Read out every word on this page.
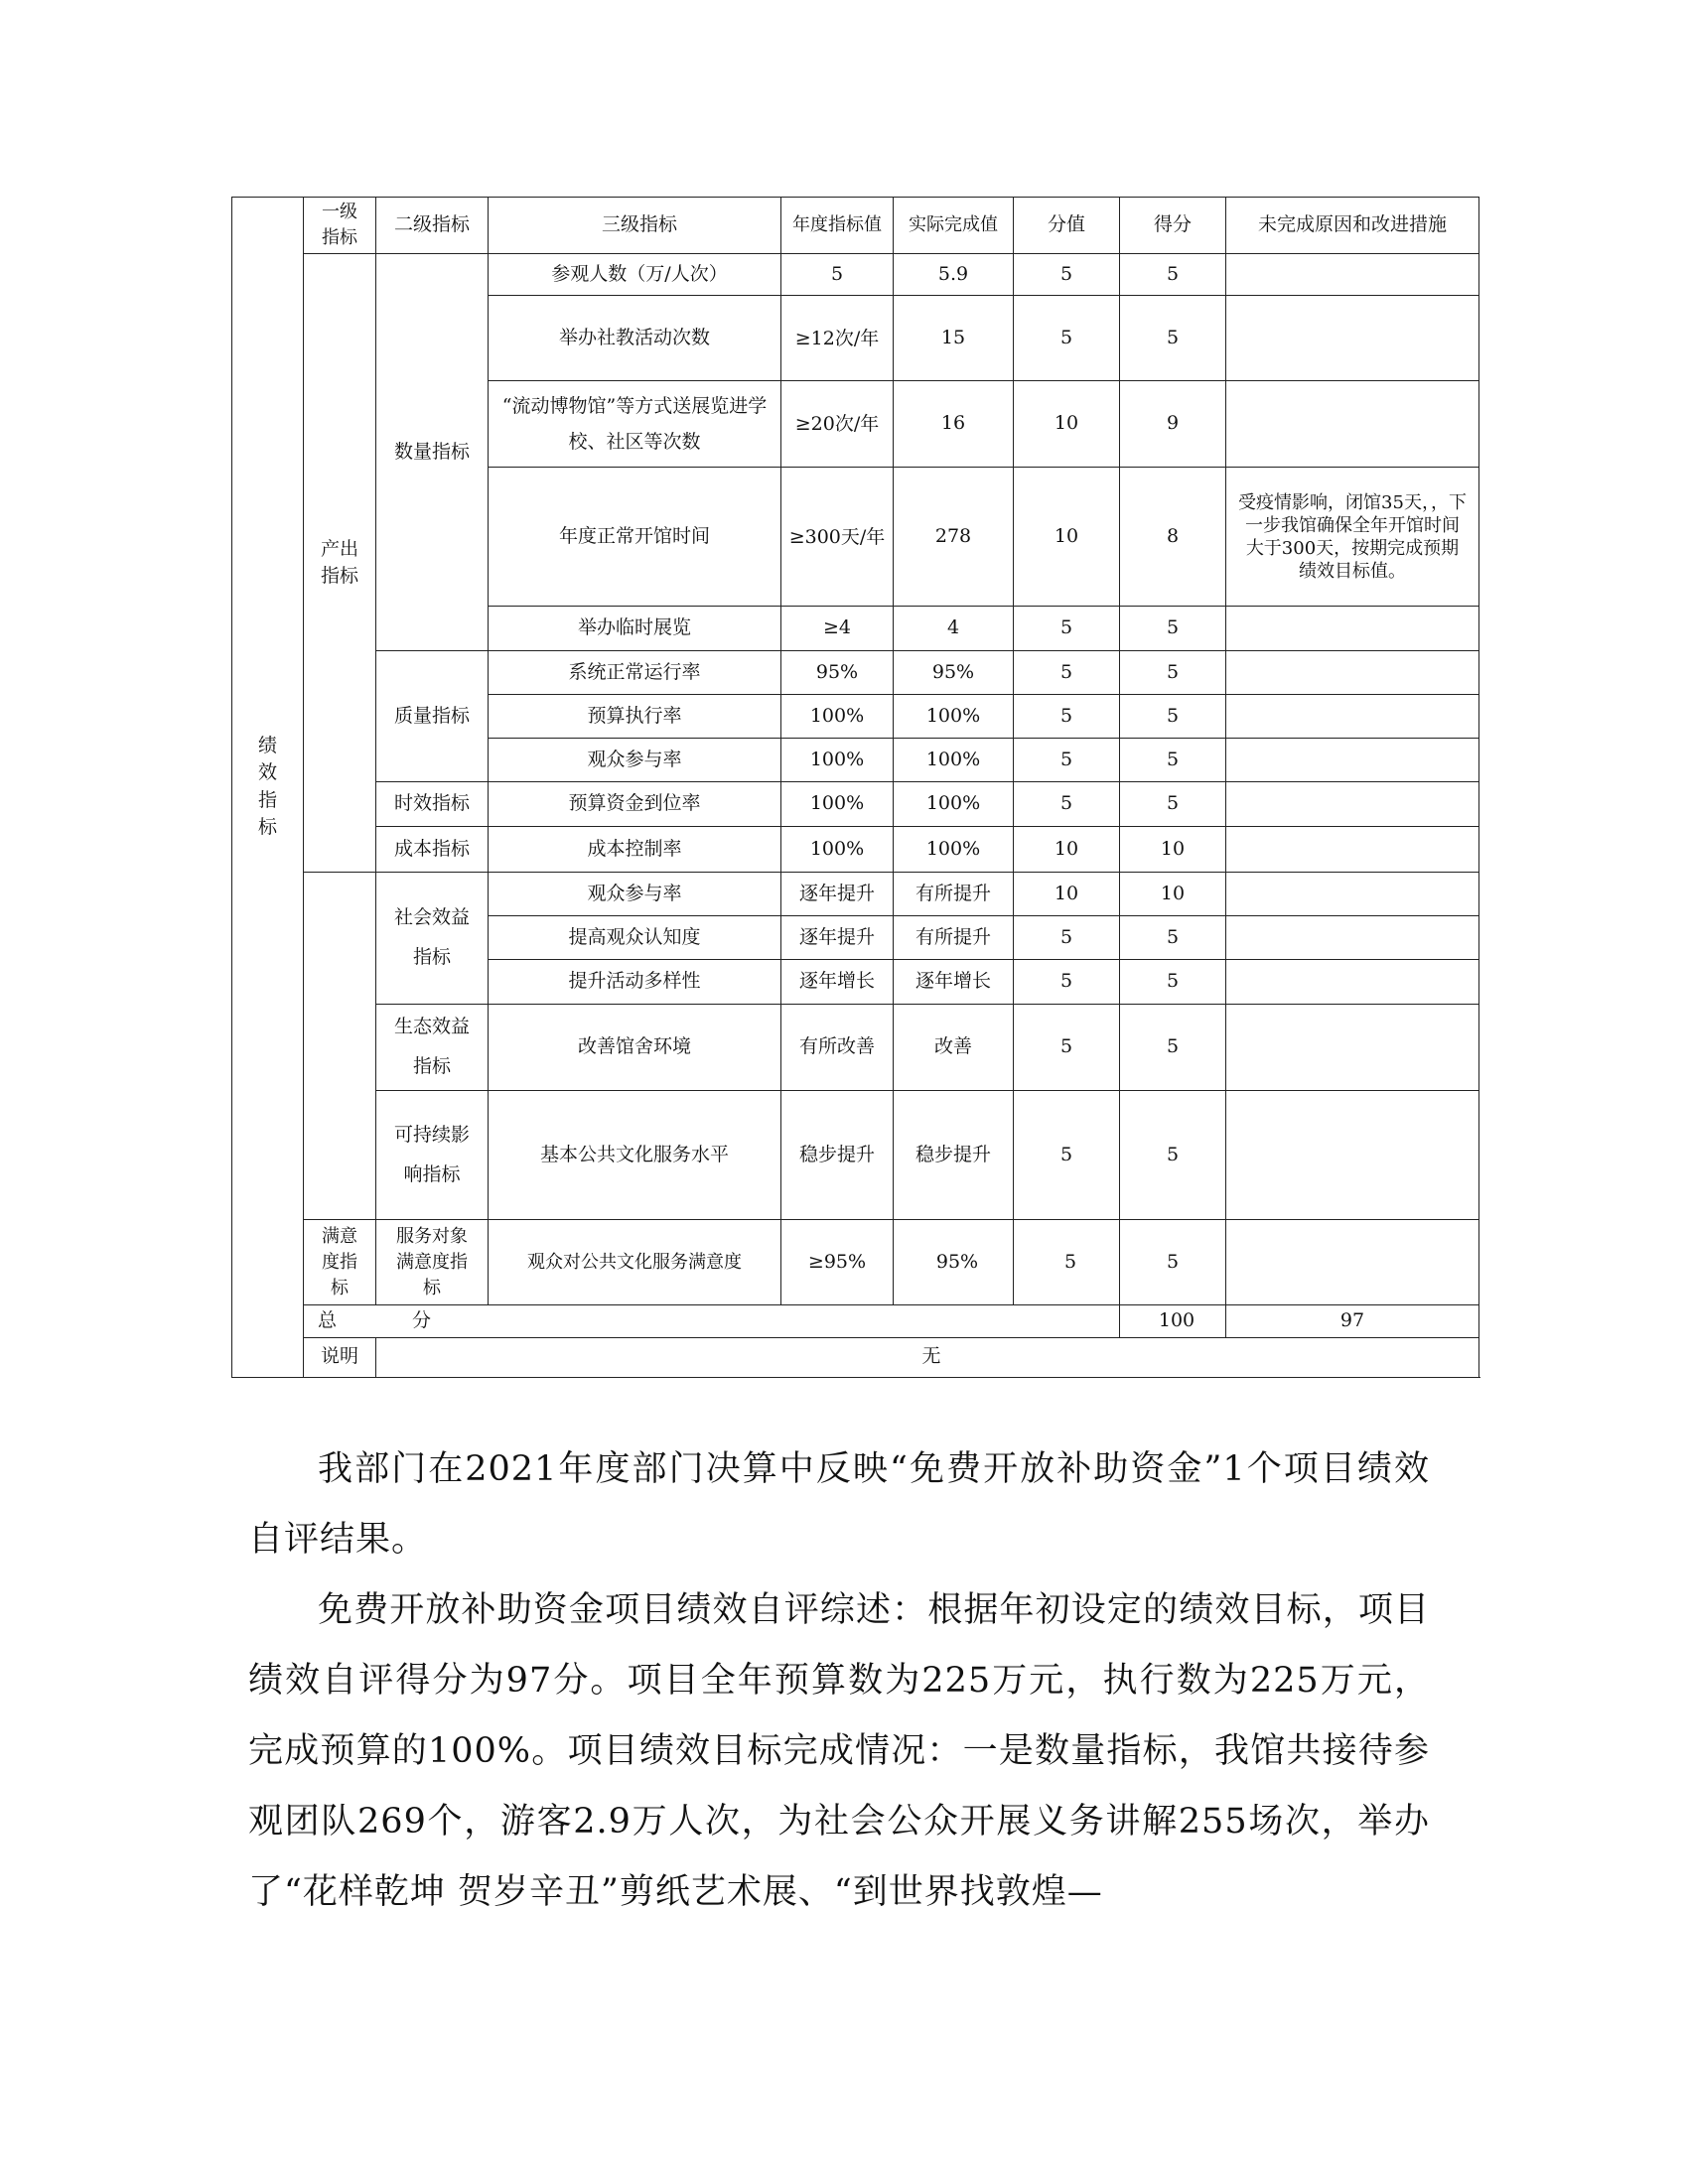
绩效指标	一级指标	二级指标	三级指标	年度指标值	实际完成值	分值	得分	未完成原因和改进措施	
	产出指标	数量指标	参观人数（万/人次）	5	5.9	5	5		
			举办社教活动次数	≥12次/年	15	5	5		
			“流动博物馆”等方式送展览进学校、社区等次数	≥20次/年	16	10	9		
			年度正常开馆时间	≥300天/年	278	10	8	受疫情影响，闭馆35天，，下一步我馆确保全年开馆时间大于300天，按期完成预期绩效目标值。	
			举办临时展览	≥4	4	5	5		
		质量指标	系统正常运行率	95%	95%	5	5		
			预算执行率	100%	100%	5	5		
			观众参与率	100%	100%	5	5		
		时效指标	预算资金到位率	100%	100%	5	5		
		成本指标	成本控制率	100%	100%	10	10		
		社会效益指标	观众参与率	逐年提升	有所提升	10	10		
			提高观众认知度	逐年提升	有所提升	5	5		
			提升活动多样性	逐年增长	逐年增长	5	5		
		生态效益指标	改善馆舍环境	有所改善	改善	5	5		
		可持续影响指标	基本公共文化服务水平	稳步提升	稳步提升	5	5		
	满意度指标	服务对象满意度指标	观众对公共文化服务满意度	≥95%	95%	5	5		
	总 分						100	97	
	说明	无							

我部门在2021年度部门决算中反映“免费开放补助资金”1个项目绩效自评结果。

免费开放补助资金项目绩效自评综述：根据年初设定的绩效目标，项目绩效自评得分为97分。项目全年预算数为225万元，执行数为225万元，完成预算的100%。项目绩效目标完成情况：一是数量指标，我馆共接待参观团队269个，游客2.9万人次，为社会公众开展义务讲解255场次，举办了“花样乾坤 贺岁辛丑”剪纸艺术展、“到世界找敦煌—
